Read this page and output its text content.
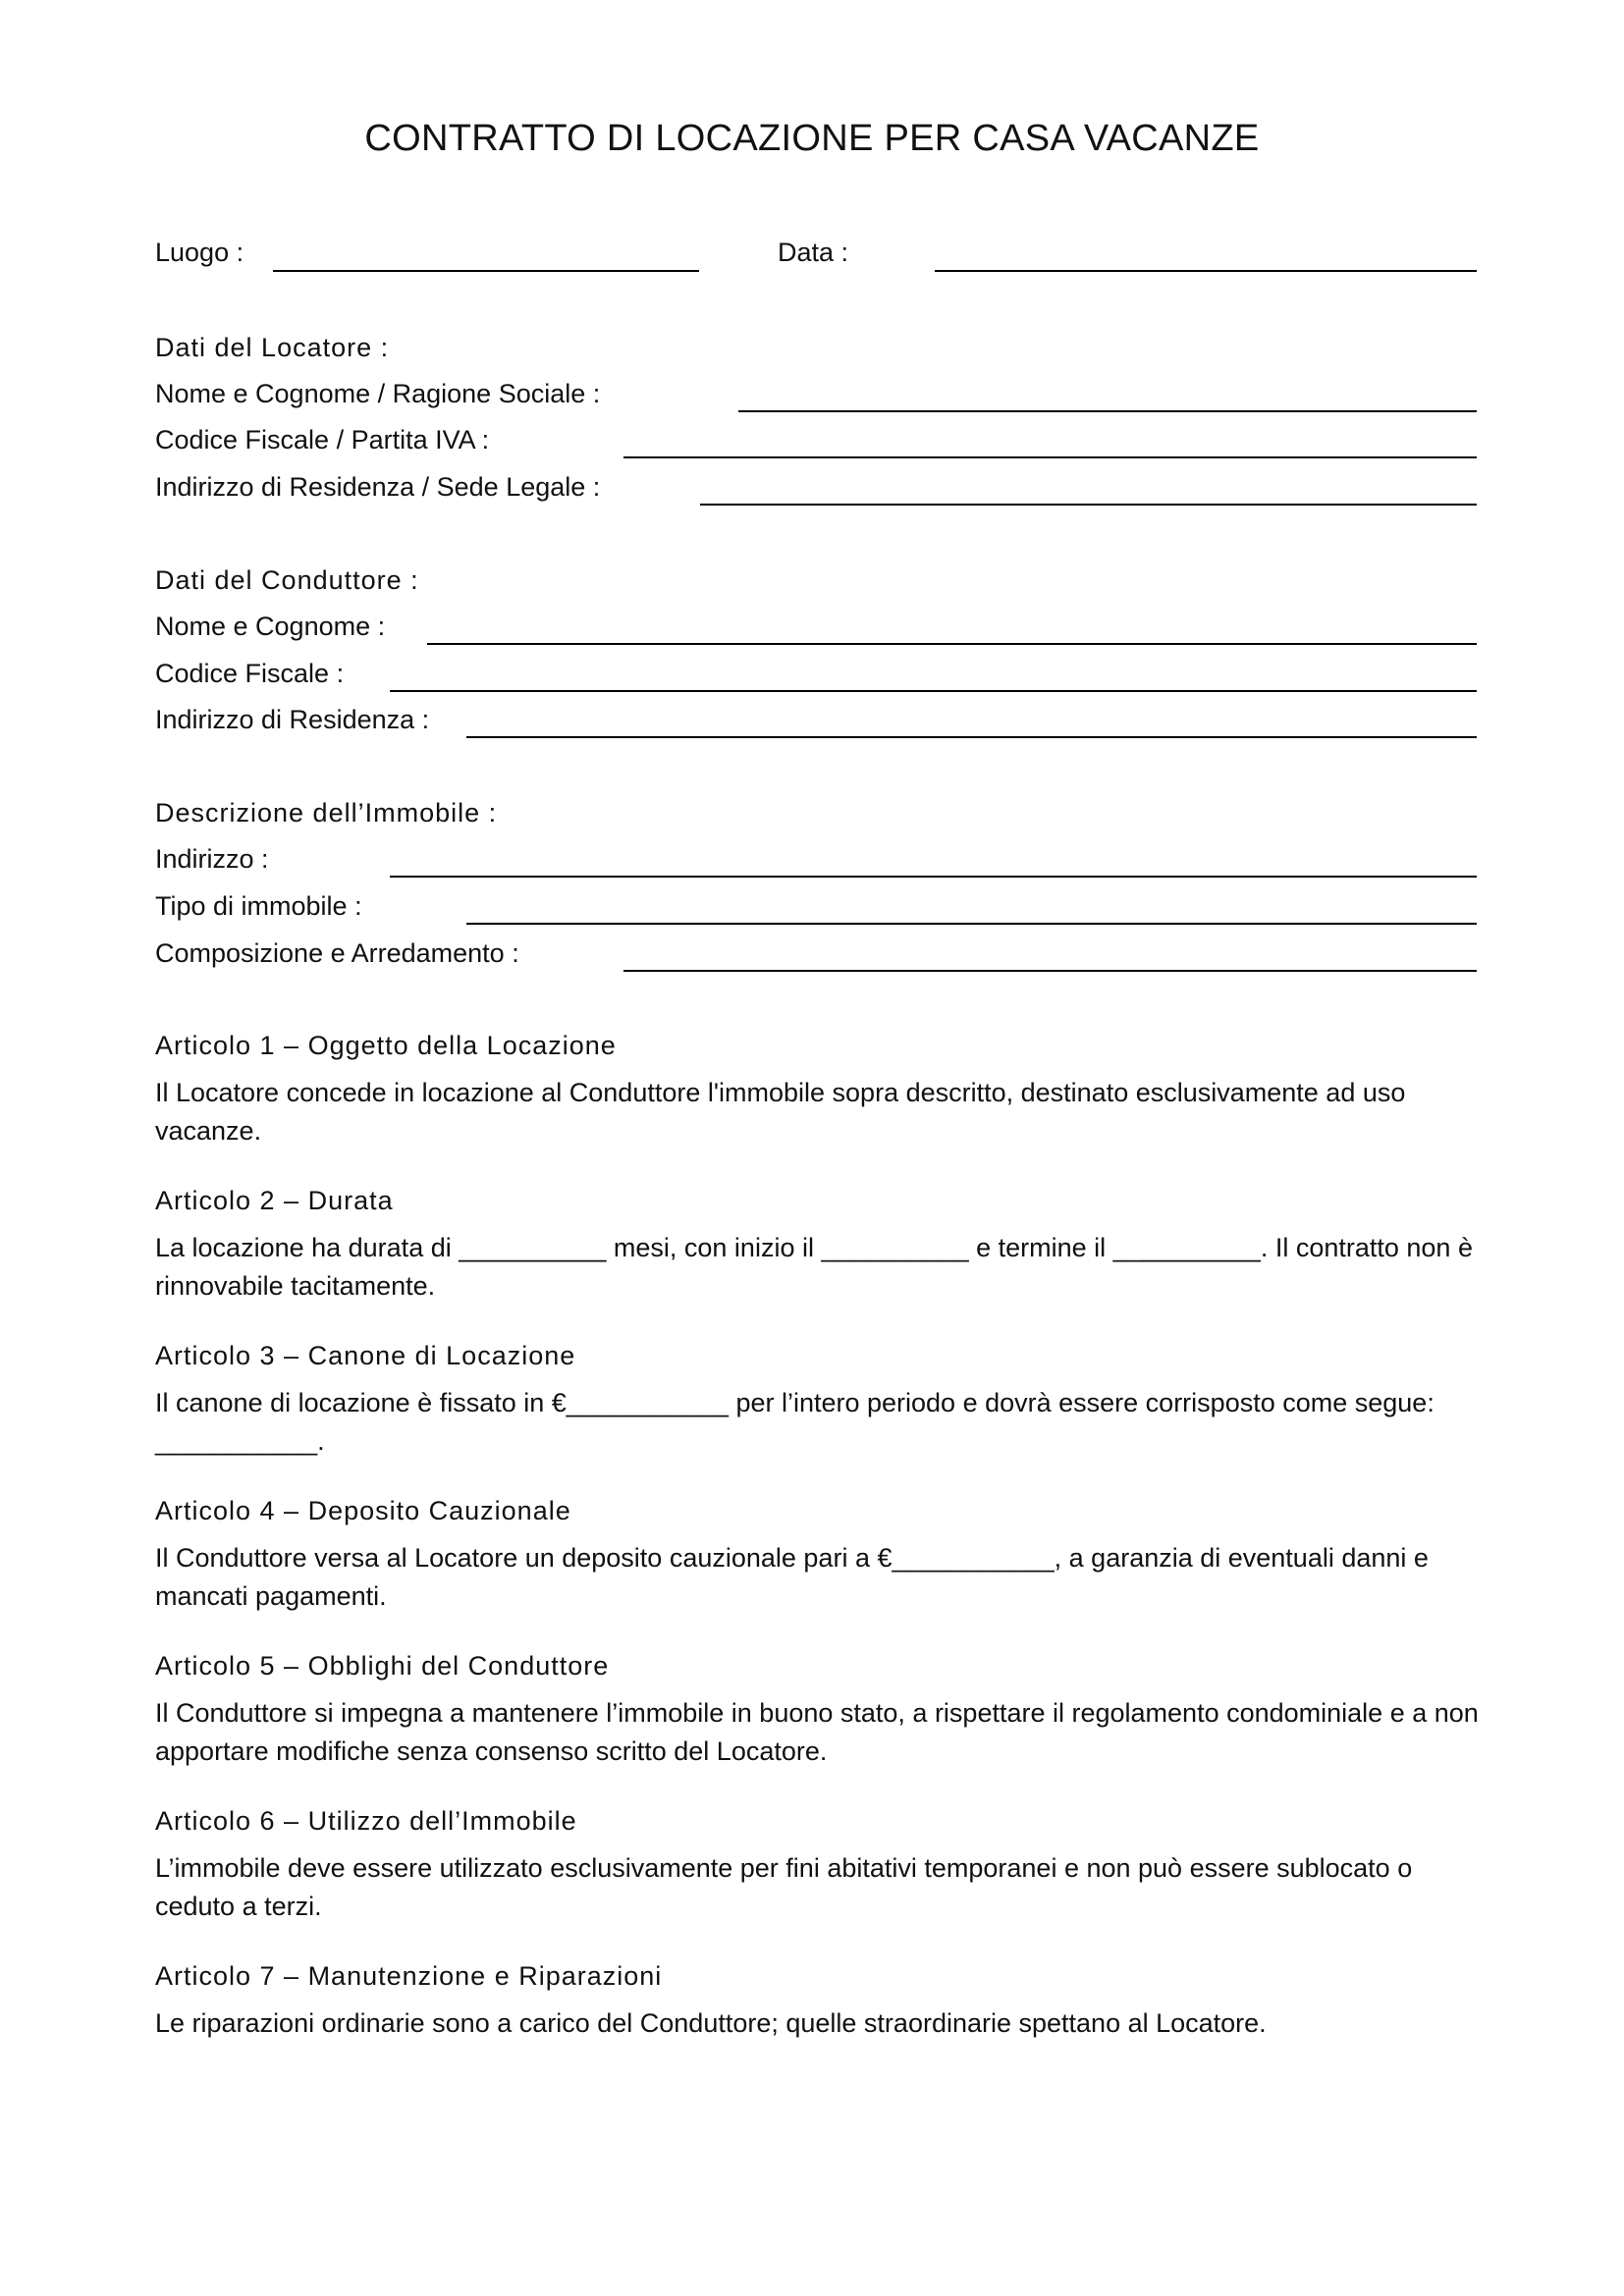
CONTRATTO DI LOCAZIONE PER CASA VACANZE
Luogo :	Data :
Dati del Locatore :
Nome e Cognome / Ragione Sociale :
Codice Fiscale / Partita IVA :
Indirizzo di Residenza / Sede Legale :
Dati del Conduttore :
Nome e Cognome :
Codice Fiscale :
Indirizzo di Residenza :
Descrizione dell’Immobile :
Indirizzo :
Tipo di immobile :
Composizione e Arredamento :
Articolo 1 – Oggetto della Locazione
Il Locatore concede in locazione al Conduttore l'immobile sopra descritto, destinato esclusivamente ad uso vacanze.
Articolo 2 – Durata
La locazione ha durata di __________ mesi, con inizio il __________ e termine il __________. Il contratto non è rinnovabile tacitamente.
Articolo 3 – Canone di Locazione
Il canone di locazione è fissato in €___________ per l’intero periodo e dovrà essere corrisposto come segue: ___________.
Articolo 4 – Deposito Cauzionale
Il Conduttore versa al Locatore un deposito cauzionale pari a €___________, a garanzia di eventuali danni e mancati pagamenti.
Articolo 5 – Obblighi del Conduttore
Il Conduttore si impegna a mantenere l’immobile in buono stato, a rispettare il regolamento condominiale e a non apportare modifiche senza consenso scritto del Locatore.
Articolo 6 – Utilizzo dell’Immobile
L’immobile deve essere utilizzato esclusivamente per fini abitativi temporanei e non può essere sublocato o ceduto a terzi.
Articolo 7 – Manutenzione e Riparazioni
Le riparazioni ordinarie sono a carico del Conduttore; quelle straordinarie spettano al Locatore.
